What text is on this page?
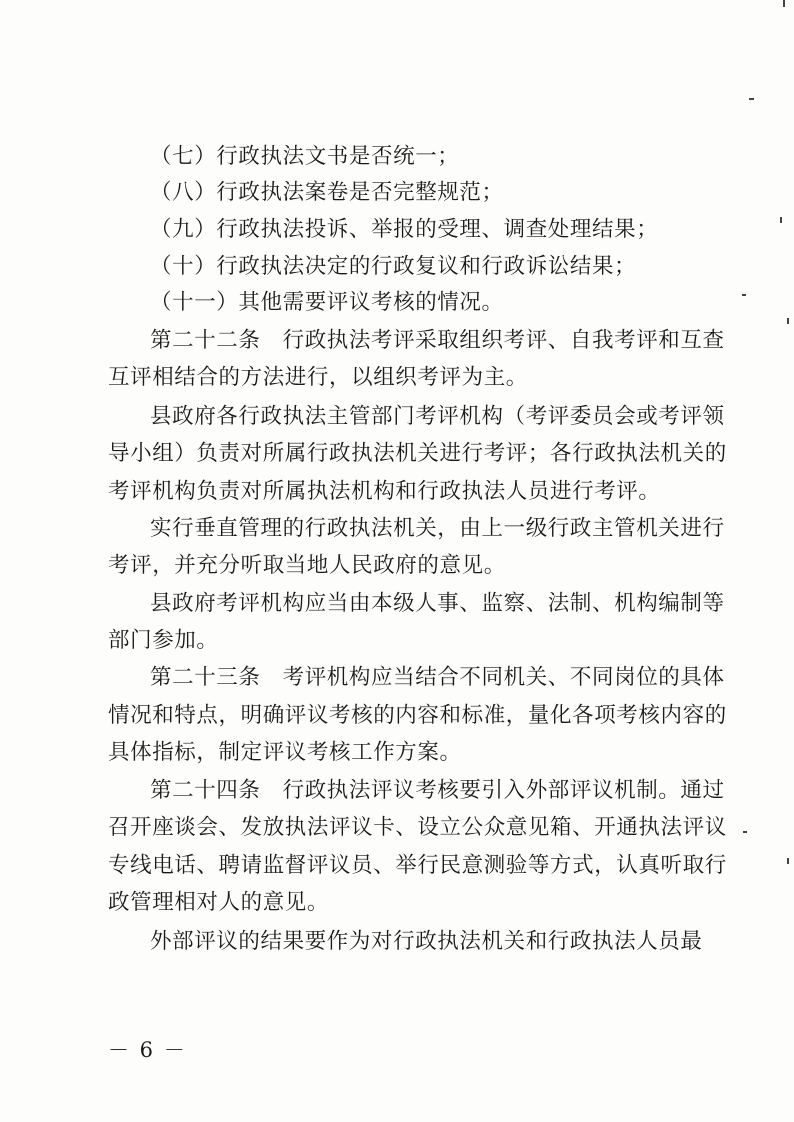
（七）行政执法文书是否统一；
（八）行政执法案卷是否完整规范；
（九）行政执法投诉、举报的受理、调查处理结果；
（十）行政执法决定的行政复议和行政诉讼结果；
（十一）其他需要评议考核的情况。
第二十二条　行政执法考评采取组织考评、自我考评和互查
互评相结合的方法进行，以组织考评为主。
县政府各行政执法主管部门考评机构（考评委员会或考评领
导小组）负责对所属行政执法机关进行考评；各行政执法机关的
考评机构负责对所属执法机构和行政执法人员进行考评。
实行垂直管理的行政执法机关，由上一级行政主管机关进行
考评，并充分听取当地人民政府的意见。
县政府考评机构应当由本级人事、监察、法制、机构编制等
部门参加。
第二十三条　考评机构应当结合不同机关、不同岗位的具体
情况和特点，明确评议考核的内容和标准，量化各项考核内容的
具体指标，制定评议考核工作方案。
第二十四条　行政执法评议考核要引入外部评议机制。通过
召开座谈会、发放执法评议卡、设立公众意见箱、开通执法评议
专线电话、聘请监督评议员、举行民意测验等方式，认真听取行
政管理相对人的意见。
外部评议的结果要作为对行政执法机关和行政执法人员最
－ 6 －
